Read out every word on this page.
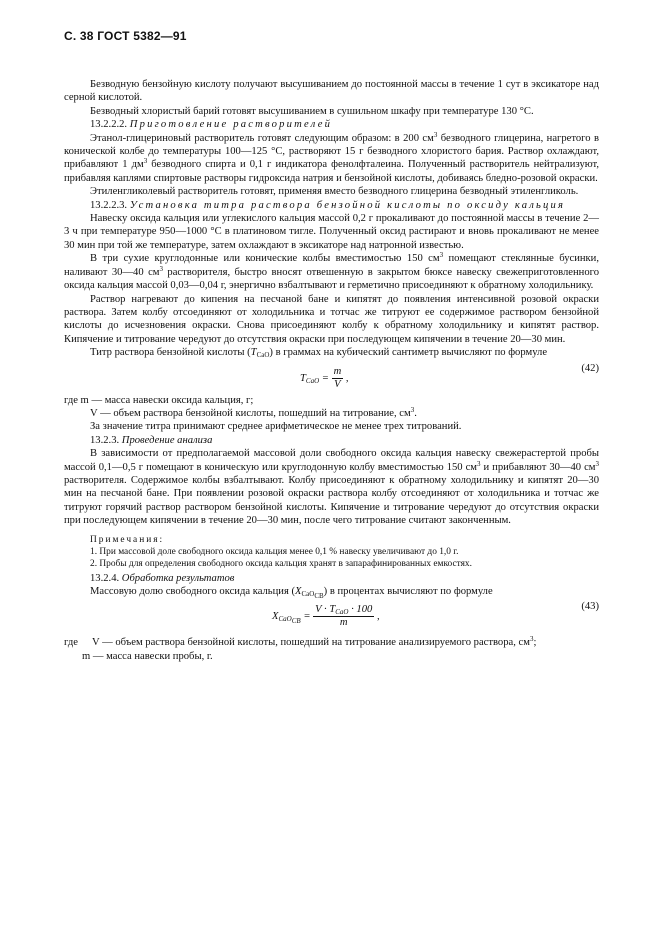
С. 38 ГОСТ 5382—91

Безводную бензойную кислоту получают высушиванием до постоянной массы в течение 1 сут в эксикаторе над серной кислотой.

Безводный хлористый барий готовят высушиванием в сушильном шкафу при температуре 130 °С.

13.2.2.2. Приготовление растворителей

Этанол-глицериновый растворитель готовят следующим образом: в 200 $см^3$ безводного глицерина, нагретого в конической колбе до температуры 100—125 °С, растворяют 15 г безводного хлористого бария. Раствор охлаждают, прибавляют 1 $дм^3$ безводного спирта и 0,1 г индикатора фенолфталеина. Полученный растворитель нейтрализуют, прибавляя каплями спиртовые растворы гидроксида натрия и бензойной кислоты, добиваясь бледно-розовой окраски.

Этиленгликолевый растворитель готовят, применяя вместо безводного глицерина безводный этиленгликоль.

13.2.2.3. Установка титра раствора бензойной кислоты по оксиду кальция

Навеску оксида кальция или углекислого кальция массой 0,2 г прокаливают до постоянной массы в течение 2—3 ч при температуре 950—1000 °С в платиновом тигле. Полученный оксид растирают и вновь прокаливают не менее 30 мин при той же температуре, затем охлаждают в эксикаторе над натронной известью.

В три сухие круглодонные или конические колбы вместимостью 150 $см^3$ помещают стеклянные бусинки, наливают 30—40 $см^3$ растворителя, быстро вносят отвешенную в закрытом бюксе навеску свежеприготовленного оксида кальция массой 0,03—0,04 г, энергично взбалтывают и герметично присоединяют к обратному холодильнику.

Раствор нагревают до кипения на песчаной бане и кипятят до появления интенсивной розовой окраски раствора. Затем колбу отсоединяют от холодильника и тотчас же титруют ее содержимое раствором бензойной кислоты до исчезновения окраски. Снова присоединяют колбу к обратному холодильнику и кипятят раствор. Кипячение и титрование чередуют до отсутствия окраски при последующем кипячении в течение 20—30 мин.

Титр раствора бензойной кислоты $(T_{CaO})$ в граммах на кубический сантиметр вычисляют по формуле

$T_{CaO} = \frac{m}{V}$ ,
(42)

где m — масса навески оксида кальция, г;

V — объем раствора бензойной кислоты, пошедший на титрование, $см^3$.

За значение титра принимают среднее арифметическое не менее трех титрований.

13.2.3. Проведение анализа

В зависимости от предполагаемой массовой доли свободного оксида кальция навеску свежерастертой пробы массой 0,1—0,5 г помещают в коническую или круглодонную колбу вместимостью 150 $см^3$ и прибавляют 30—40 $см^3$ растворителя. Содержимое колбы взбалтывают. Колбу присоединяют к обратному холодильнику и кипятят 20—30 мин на песчаной бане. При появлении розовой окраски раствора колбу отсоединяют от холодильника и тотчас же титруют горячий раствор раствором бензойной кислоты. Кипячение и титрование чередуют до отсутствия окраски при последующем кипячении в течение 20—30 мин, после чего титрование считают законченным.

Примечания:

1. При массовой доле свободного оксида кальция менее 0,1 % навеску увеличивают до 1,0 г.

2. Пробы для определения свободного оксида кальция хранят в запарафинированных емкостях.

13.2.4. Обработка результатов

Массовую долю свободного оксида кальция $(X_{CaO_{СВ}})$ в процентах вычисляют по формуле

$X_{CaO_{СВ}} = \frac{V \cdot T_{CaO} \cdot 100}{m}$ ,
(43)
где	V — объем раствора бензойной кислоты, пошедший на титрование анализируемого раствора, $см^3$;

m — масса навески пробы, г.
